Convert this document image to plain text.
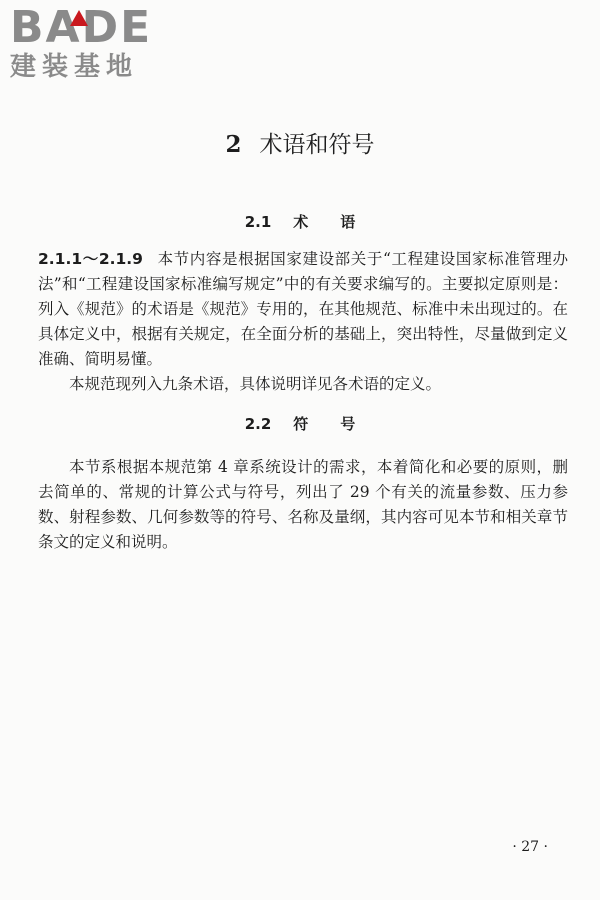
BADE
建装基地
2 术语和符号
2.1 术语
2.1.1～2.1.9 本节内容是根据国家建设部关于“工程建设国家标准管理办法”和“工程建设国家标准编写规定”中的有关要求编写的。主要拟定原则是：列入《规范》的术语是《规范》专用的，在其他规范、标准中未出现过的。在具体定义中，根据有关规定，在全面分析的基础上，突出特性，尽量做到定义准确、简明易懂。
本规范现列入九条术语，具体说明详见各术语的定义。
2.2 符号
本节系根据本规范第 4 章系统设计的需求，本着简化和必要的原则，删去简单的、常规的计算公式与符号，列出了 29 个有关的流量参数、压力参数、射程参数、几何参数等的符号、名称及量纲，其内容可见本节和相关章节条文的定义和说明。
· 27 ·
